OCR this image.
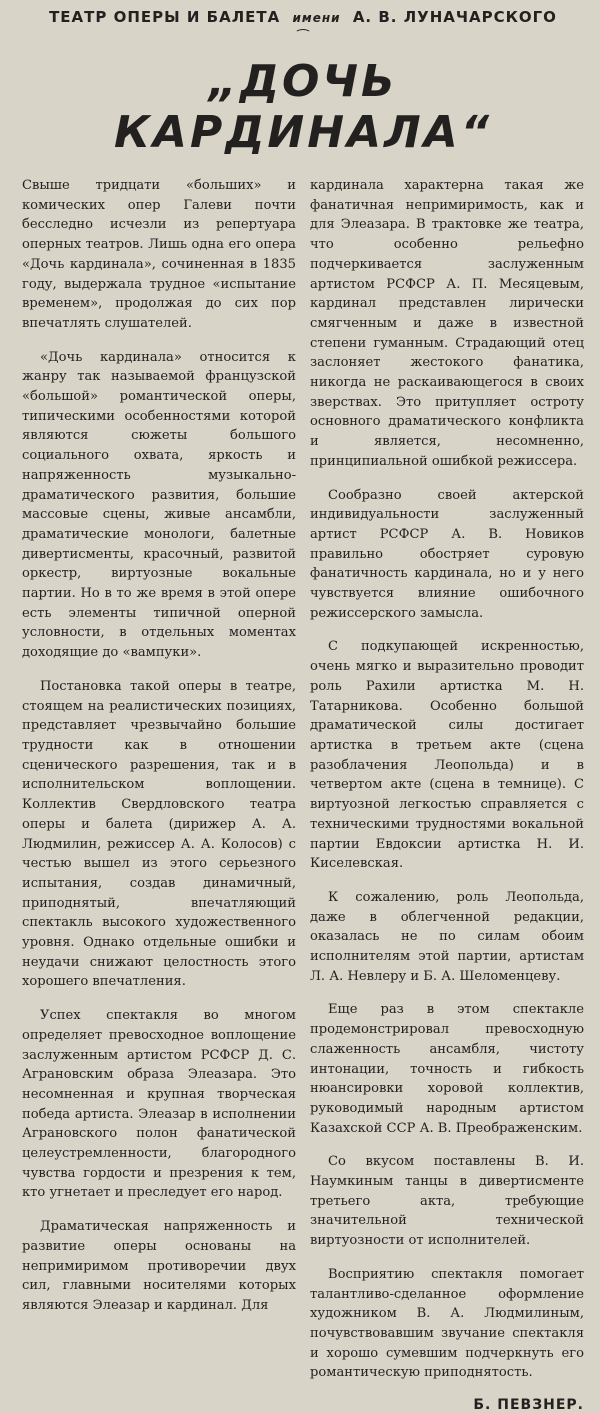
ТЕАТР ОПЕРЫ И БАЛЕТА имени А. В. ЛУНАЧАРСКОГО
⁀
„ДОЧЬ КАРДИНАЛА“

Свыше тридцати «больших» и комических опер Галеви почти бесследно исчезли из репертуара оперных театров. Лишь одна его опера «Дочь кардинала», сочиненная в 1835 году, выдержала трудное «испытание временем», продолжая до сих пор впечатлять слушателей.

«Дочь кардинала» относится к жанру так называемой французской «большой» романтической оперы, типическими особенностями которой являются сюжеты большого социального охвата, яркость и напряженность музыкально-драматического развития, большие массовые сцены, живые ансамбли, драматические монологи, балетные дивертисменты, красочный, развитой оркестр, виртуозные вокальные партии. Но в то же время в этой опере есть элементы типичной оперной условности, в отдельных моментах доходящие до «вампуки».

Постановка такой оперы в театре, стоящем на реалистических позициях, представляет чрезвычайно большие трудности как в отношении сценического разрешения, так и в исполнительском воплощении. Коллектив Свердловского театра оперы и балета (дирижер А. А. Людмилин, режиссер А. А. Колосов) с честью вышел из этого серьезного испытания, создав динамичный, приподнятый, впечатляющий спектакль высокого художественного уровня. Однако отдельные ошибки и неудачи снижают целостность этого хорошего впечатления.

Успех спектакля во многом определяет превосходное воплощение заслуженным артистом РСФСР Д. С. Аграновским образа Элеазара. Это несомненная и крупная творческая победа артиста. Элеазар в исполнении Аграновского полон фанатической целеустремленности, благородного чувства гордости и презрения к тем, кто угнетает и преследует его народ.

Драматическая напряженность и развитие оперы основаны на непримиримом противоречии двух сил, главными носителями которых являются Элеазар и кардинал. Для

кардинала характерна такая же фанатичная непримиримость, как и для Элеазара. В трактовке же театра, что особенно рельефно подчеркивается заслуженным артистом РСФСР А. П. Месяцевым, кардинал представлен лирически смягченным и даже в известной степени гуманным. Страдающий отец заслоняет жестокого фанатика, никогда не раскаивающегося в своих зверствах. Это притупляет остроту основного драматического конфликта и является, несомненно, принципиальной ошибкой режиссера.

Сообразно своей актерской индивидуальности заслуженный артист РСФСР А. В. Новиков правильно обостряет суровую фанатичность кардинала, но и у него чувствуется влияние ошибочного режиссерского замысла.

С подкупающей искренностью, очень мягко и выразительно проводит роль Рахили артистка М. Н. Татарникова. Особенно большой драматической силы достигает артистка в третьем акте (сцена разоблачения Леопольда) и в четвертом акте (сцена в темнице). С виртуозной легкостью справляется с техническими трудностями вокальной партии Евдоксии артистка Н. И. Киселевская.

К сожалению, роль Леопольда, даже в облегченной редакции, оказалась не по силам обоим исполнителям этой партии, артистам Л. А. Невлеру и Б. А. Шеломенцеву.

Еще раз в этом спектакле продемонстрировал превосходную слаженность ансамбля, чистоту интонации, точность и гибкость нюансировки хоровой коллектив, руководимый народным артистом Казахской ССР А. В. Преображенским.

Со вкусом поставлены В. И. Наумкиным танцы в дивертисменте третьего акта, требующие значительной технической виртуозности от исполнителей.

Восприятию спектакля помогает талантливо-сделанное оформление художником В. А. Людмилиным, почувствовавшим звучание спектакля и хорошо сумевшим подчеркнуть его романтическую приподнятость.

Б. ПЕВЗНЕР.
